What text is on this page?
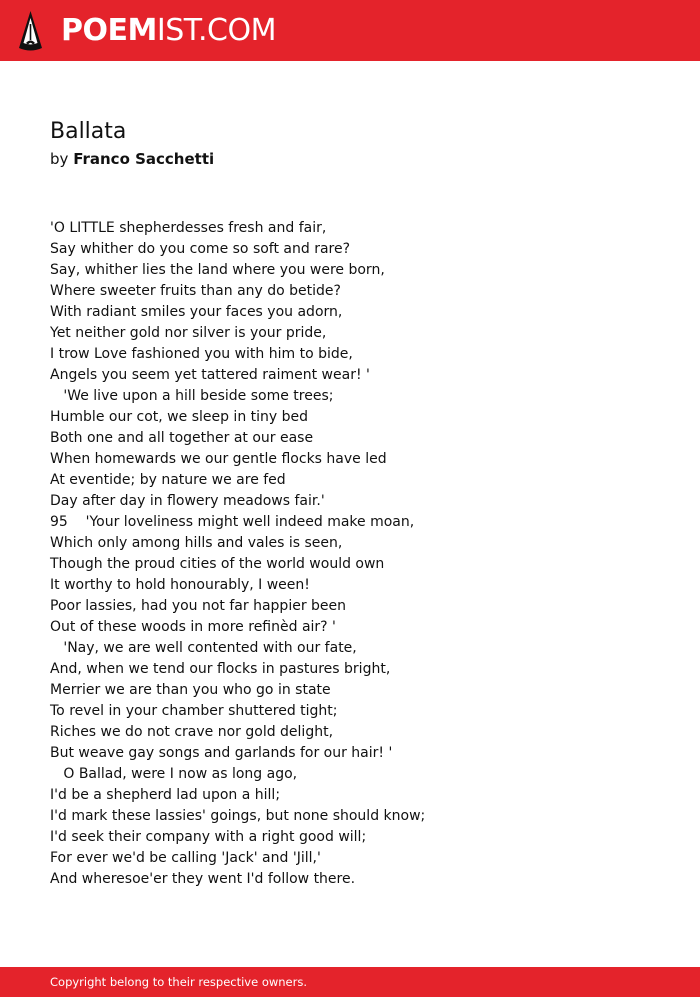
POEMIST.COM
Ballata
by Franco Sacchetti
'O LITTLE shepherdesses fresh and fair,
Say whither do you come so soft and rare?
Say, whither lies the land where you were born,
Where sweeter fruits than any do betide?
With radiant smiles your faces you adorn,
Yet neither gold nor silver is your pride,
I trow Love fashioned you with him to bide,
Angels you seem yet tattered raiment wear! '
'We live upon a hill beside some trees;
Humble our cot, we sleep in tiny bed
Both one and all together at our ease
When homewards we our gentle flocks have led
At eventide; by nature we are fed
Day after day in flowery meadows fair.'
95    'Your loveliness might well indeed make moan,
Which only among hills and vales is seen,
Though the proud cities of the world would own
It worthy to hold honourably, I ween!
Poor lassies, had you not far happier been
Out of these woods in more refinèd air? '
'Nay, we are well contented with our fate,
And, when we tend our flocks in pastures bright,
Merrier we are than you who go in state
To revel in your chamber shuttered tight;
Riches we do not crave nor gold delight,
But weave gay songs and garlands for our hair! '
O Ballad, were I now as long ago,
I'd be a shepherd lad upon a hill;
I'd mark these lassies' goings, but none should know;
I'd seek their company with a right good will;
For ever we'd be calling 'Jack' and 'Jill,'
And wheresoe'er they went I'd follow there.
Copyright belong to their respective owners.
